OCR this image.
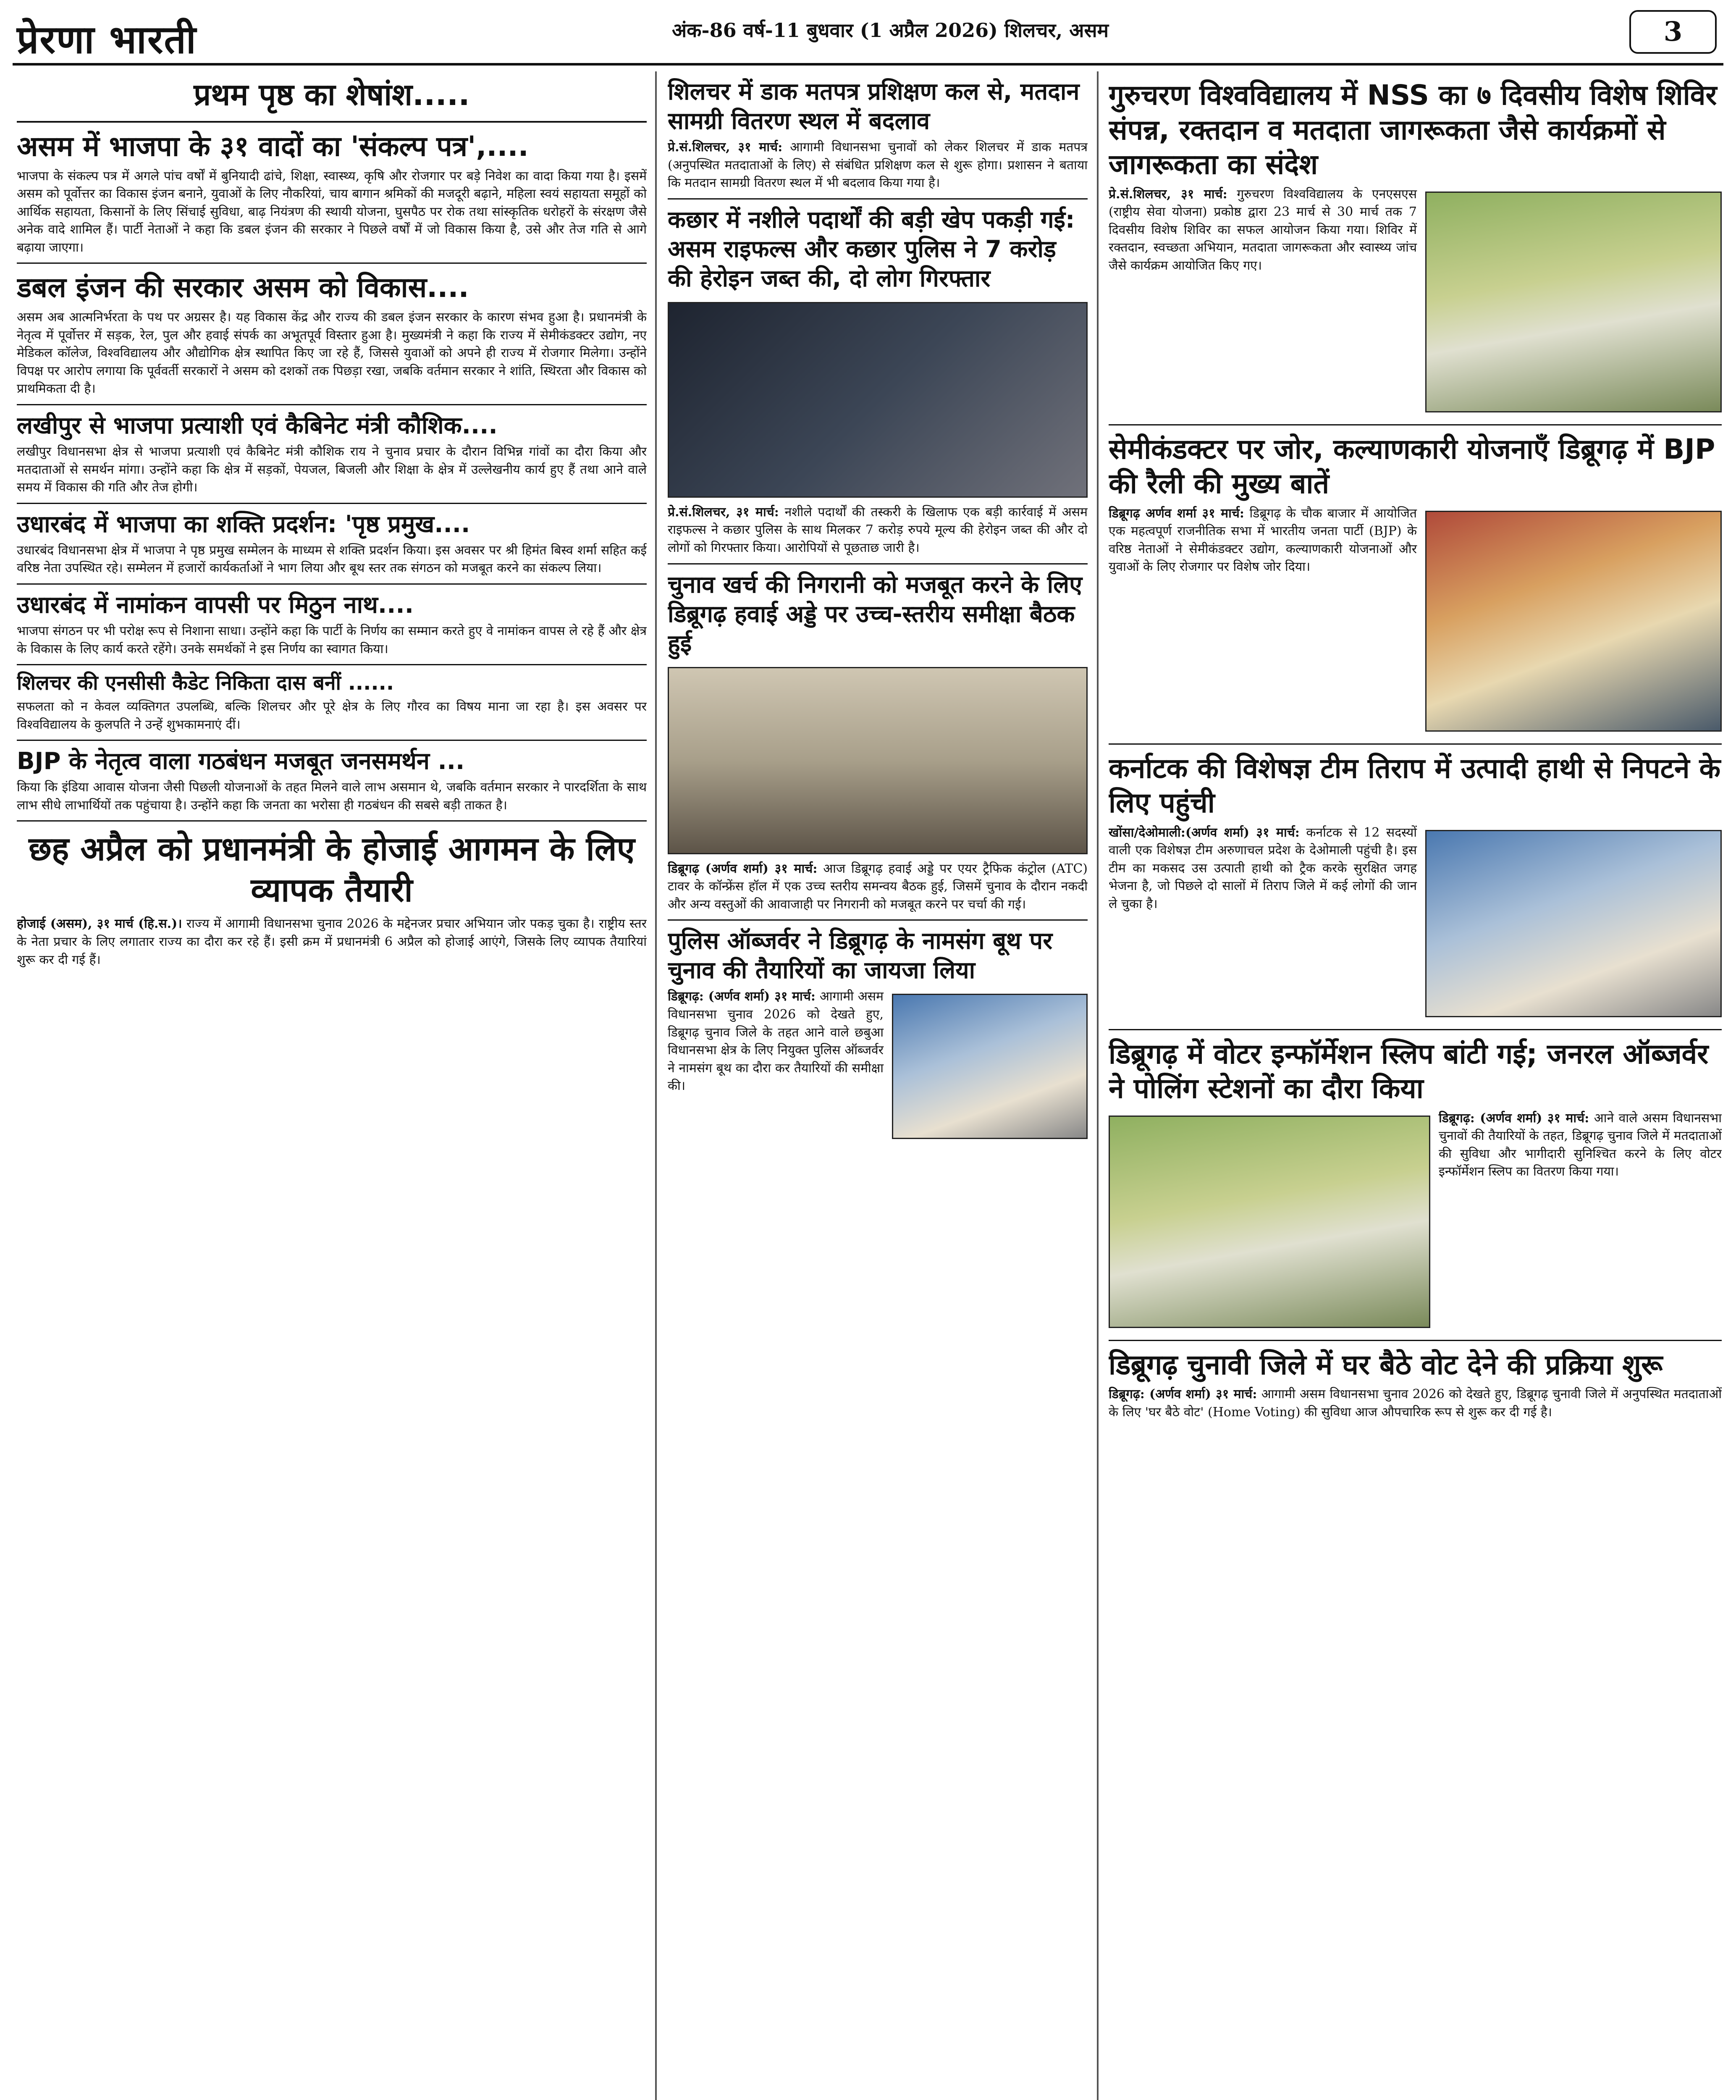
प्रेरणा भारती	अंक-86 वर्ष-11 बुधवार (1 अप्रैल 2026) शिलचर, असम	3
प्रथम पृष्ठ का शेषांश.....
असम में भाजपा के ३१ वादों का 'संकल्प पत्र',....

भाजपा के संकल्प पत्र में अगले पांच वर्षों में बुनियादी ढांचे, शिक्षा, स्वास्थ्य, कृषि और रोजगार पर बड़े निवेश का वादा किया गया है। इसमें असम को पूर्वोत्तर का विकास इंजन बनाने, युवाओं के लिए नौकरियां, चाय बागान श्रमिकों की मजदूरी बढ़ाने, महिला स्वयं सहायता समूहों को आर्थिक सहायता, किसानों के लिए सिंचाई सुविधा, बाढ़ नियंत्रण की स्थायी योजना, घुसपैठ पर रोक तथा सांस्कृतिक धरोहरों के संरक्षण जैसे अनेक वादे शामिल हैं। पार्टी नेताओं ने कहा कि डबल इंजन की सरकार ने पिछले वर्षों में जो विकास किया है, उसे और तेज गति से आगे बढ़ाया जाएगा।

डबल इंजन की सरकार असम को विकास....

असम अब आत्मनिर्भरता के पथ पर अग्रसर है। यह विकास केंद्र और राज्य की डबल इंजन सरकार के कारण संभव हुआ है। प्रधानमंत्री के नेतृत्व में पूर्वोत्तर में सड़क, रेल, पुल और हवाई संपर्क का अभूतपूर्व विस्तार हुआ है। मुख्यमंत्री ने कहा कि राज्य में सेमीकंडक्टर उद्योग, नए मेडिकल कॉलेज, विश्वविद्यालय और औद्योगिक क्षेत्र स्थापित किए जा रहे हैं, जिससे युवाओं को अपने ही राज्य में रोजगार मिलेगा। उन्होंने विपक्ष पर आरोप लगाया कि पूर्ववर्ती सरकारों ने असम को दशकों तक पिछड़ा रखा, जबकि वर्तमान सरकार ने शांति, स्थिरता और विकास को प्राथमिकता दी है।

लखीपुर से भाजपा प्रत्याशी एवं कैबिनेट मंत्री कौशिक....

लखीपुर विधानसभा क्षेत्र से भाजपा प्रत्याशी एवं कैबिनेट मंत्री कौशिक राय ने चुनाव प्रचार के दौरान विभिन्न गांवों का दौरा किया और मतदाताओं से समर्थन मांगा। उन्होंने कहा कि क्षेत्र में सड़कों, पेयजल, बिजली और शिक्षा के क्षेत्र में उल्लेखनीय कार्य हुए हैं तथा आने वाले समय में विकास की गति और तेज होगी।

उधारबंद में भाजपा का शक्ति प्रदर्शन: 'पृष्ठ प्रमुख....

उधारबंद विधानसभा क्षेत्र में भाजपा ने पृष्ठ प्रमुख सम्मेलन के माध्यम से शक्ति प्रदर्शन किया। इस अवसर पर श्री हिमंत बिस्व शर्मा सहित कई वरिष्ठ नेता उपस्थित रहे। सम्मेलन में हजारों कार्यकर्ताओं ने भाग लिया और बूथ स्तर तक संगठन को मजबूत करने का संकल्प लिया।

उधारबंद में नामांकन वापसी पर मिठुन नाथ....

भाजपा संगठन पर भी परोक्ष रूप से निशाना साधा। उन्होंने कहा कि पार्टी के निर्णय का सम्मान करते हुए वे नामांकन वापस ले रहे हैं और क्षेत्र के विकास के लिए कार्य करते रहेंगे। उनके समर्थकों ने इस निर्णय का स्वागत किया।

शिलचर की एनसीसी कैडेट निकिता दास बनीं ......

सफलता को न केवल व्यक्तिगत उपलब्धि, बल्कि शिलचर और पूरे क्षेत्र के लिए गौरव का विषय माना जा रहा है। इस अवसर पर विश्वविद्यालय के कुलपति ने उन्हें शुभकामनाएं दीं।

BJP के नेतृत्व वाला गठबंधन मजबूत जनसमर्थन ...

किया कि इंडिया आवास योजना जैसी पिछली योजनाओं के तहत मिलने वाले लाभ असमान थे, जबकि वर्तमान सरकार ने पारदर्शिता के साथ लाभ सीधे लाभार्थियों तक पहुंचाया है। उन्होंने कहा कि जनता का भरोसा ही गठबंधन की सबसे बड़ी ताकत है।

छह अप्रैल को प्रधानमंत्री के होजाई आगमन के लिए व्यापक तैयारी

होजाई (असम), ३१ मार्च (हि.स.)। राज्य में आगामी विधानसभा चुनाव 2026 के मद्देनजर प्रचार अभियान जोर पकड़ चुका है। राष्ट्रीय स्तर के नेता प्रचार के लिए लगातार राज्य का दौरा कर रहे हैं। इसी क्रम में प्रधानमंत्री 6 अप्रैल को होजाई आएंगे, जिसके लिए व्यापक तैयारियां शुरू कर दी गई हैं।

शिलचर में डाक मतपत्र प्रशिक्षण कल से, मतदान सामग्री वितरण स्थल में बदलाव

प्रे.सं.शिलचर, ३१ मार्च: आगामी विधानसभा चुनावों को लेकर शिलचर में डाक मतपत्र (अनुपस्थित मतदाताओं के लिए) से संबंधित प्रशिक्षण कल से शुरू होगा। प्रशासन ने बताया कि मतदान सामग्री वितरण स्थल में भी बदलाव किया गया है।

कछार में नशीले पदार्थों की बड़ी खेप पकड़ी गई: असम राइफल्स और कछार पुलिस ने 7 करोड़ की हेरोइन जब्त की, दो लोग गिरफ्तार

प्रे.सं.शिलचर, ३१ मार्च: नशीले पदार्थों की तस्करी के खिलाफ एक बड़ी कार्रवाई में असम राइफल्स ने कछार पुलिस के साथ मिलकर 7 करोड़ रुपये मूल्य की हेरोइन जब्त की और दो लोगों को गिरफ्तार किया। आरोपियों से पूछताछ जारी है।

चुनाव खर्च की निगरानी को मजबूत करने के लिए डिब्रूगढ़ हवाई अड्डे पर उच्च-स्तरीय समीक्षा बैठक हुई

डिब्रूगढ़ (अर्णव शर्मा) ३१ मार्च: आज डिब्रूगढ़ हवाई अड्डे पर एयर ट्रैफिक कंट्रोल (ATC) टावर के कॉन्फ्रेंस हॉल में एक उच्च स्तरीय समन्वय बैठक हुई, जिसमें चुनाव के दौरान नकदी और अन्य वस्तुओं की आवाजाही पर निगरानी को मजबूत करने पर चर्चा की गई।

पुलिस ऑब्जर्वर ने डिब्रूगढ़ के नामसंग बूथ पर चुनाव की तैयारियों का जायजा लिया

डिब्रूगढ़: (अर्णव शर्मा) ३१ मार्च: आगामी असम विधानसभा चुनाव 2026 को देखते हुए, डिब्रूगढ़ चुनाव जिले के तहत आने वाले छबुआ विधानसभा क्षेत्र के लिए नियुक्त पुलिस ऑब्जर्वर ने नामसंग बूथ का दौरा कर तैयारियों की समीक्षा की।

गुरुचरण विश्वविद्यालय में NSS का ७ दिवसीय विशेष शिविर संपन्न, रक्तदान व मतदाता जागरूकता जैसे कार्यक्रमों से जागरूकता का संदेश

प्रे.सं.शिलचर, ३१ मार्च: गुरुचरण विश्वविद्यालय के एनएसएस (राष्ट्रीय सेवा योजना) प्रकोष्ठ द्वारा 23 मार्च से 30 मार्च तक 7 दिवसीय विशेष शिविर का सफल आयोजन किया गया। शिविर में रक्तदान, स्वच्छता अभियान, मतदाता जागरूकता और स्वास्थ्य जांच जैसे कार्यक्रम आयोजित किए गए।

सेमीकंडक्टर पर जोर, कल्याणकारी योजनाएँ डिब्रूगढ़ में BJP की रैली की मुख्य बातें

डिब्रूगढ़ अर्णव शर्मा ३१ मार्च: डिब्रूगढ़ के चौक बाजार में आयोजित एक महत्वपूर्ण राजनीतिक सभा में भारतीय जनता पार्टी (BJP) के वरिष्ठ नेताओं ने सेमीकंडक्टर उद्योग, कल्याणकारी योजनाओं और युवाओं के लिए रोजगार पर विशेष जोर दिया।

कर्नाटक की विशेषज्ञ टीम तिराप में उत्पादी हाथी से निपटने के लिए पहुंची

खोंसा/देओमाली:(अर्णव शर्मा) ३१ मार्च: कर्नाटक से 12 सदस्यों वाली एक विशेषज्ञ टीम अरुणाचल प्रदेश के देओमाली पहुंची है। इस टीम का मकसद उस उत्पाती हाथी को ट्रैक करके सुरक्षित जगह भेजना है, जो पिछले दो सालों में तिराप जिले में कई लोगों की जान ले चुका है।

डिब्रूगढ़ में वोटर इन्फॉर्मेशन स्लिप बांटी गई; जनरल ऑब्जर्वर ने पोलिंग स्टेशनों का दौरा किया

डिब्रूगढ़: (अर्णव शर्मा) ३१ मार्च: आने वाले असम विधानसभा चुनावों की तैयारियों के तहत, डिब्रूगढ़ चुनाव जिले में मतदाताओं की सुविधा और भागीदारी सुनिश्चित करने के लिए वोटर इन्फॉर्मेशन स्लिप का वितरण किया गया।

डिब्रूगढ़ चुनावी जिले में घर बैठे वोट देने की प्रक्रिया शुरू

डिब्रूगढ़: (अर्णव शर्मा) ३१ मार्च: आगामी असम विधानसभा चुनाव 2026 को देखते हुए, डिब्रूगढ़ चुनावी जिले में अनुपस्थित मतदाताओं के लिए 'घर बैठे वोट' (Home Voting) की सुविधा आज औपचारिक रूप से शुरू कर दी गई है।
